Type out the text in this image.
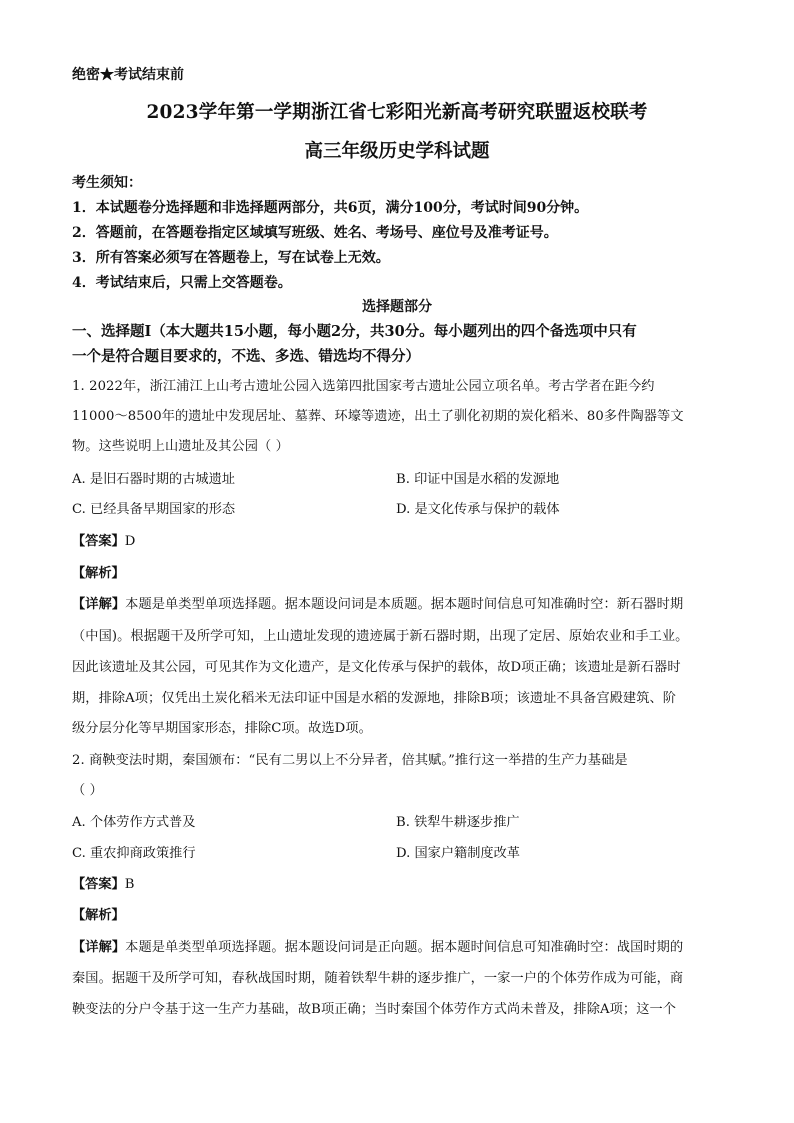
绝密★考试结束前
2023学年第一学期浙江省七彩阳光新高考研究联盟返校联考
高三年级历史学科试题
考生须知：
1．本试题卷分选择题和非选择题两部分，共6页，满分100分，考试时间90分钟。
2．答题前，在答题卷指定区域填写班级、姓名、考场号、座位号及准考证号。
3．所有答案必须写在答题卷上，写在试卷上无效。
4．考试结束后，只需上交答题卷。
选择题部分
一、选择题Ⅰ（本大题共15小题，每小题2分，共30分。每小题列出的四个备选项中只有
一个是符合题目要求的，不选、多选、错选均不得分）
1. 2022年，浙江浦江上山考古遗址公园入选第四批国家考古遗址公园立项名单。考古学者在距今约
11000～8500年的遗址中发现居址、墓葬、环壕等遗迹，出土了驯化初期的炭化稻米、80多件陶器等文
物。这些说明上山遗址及其公园（ ）
A. 是旧石器时期的古城遗址	B. 印证中国是水稻的发源地
C. 已经具备早期国家的形态	D. 是文化传承与保护的载体
【答案】D
【解析】
【详解】本题是单类型单项选择题。据本题设问词是本质题。据本题时间信息可知准确时空：新石器时期
（中国)。根据题干及所学可知，上山遗址发现的遗迹属于新石器时期，出现了定居、原始农业和手工业。
因此该遗址及其公园，可见其作为文化遗产，是文化传承与保护的载体，故D项正确；该遗址是新石器时
期，排除A项；仅凭出土炭化稻米无法印证中国是水稻的发源地，排除B项；该遗址不具备宫殿建筑、阶
级分层分化等早期国家形态，排除C项。故选D项。
2. 商鞅变法时期，秦国颁布：“民有二男以上不分异者，倍其赋。”推行这一举措的生产力基础是
（ ）
A. 个体劳作方式普及	B. 铁犁牛耕逐步推广
C. 重农抑商政策推行	D. 国家户籍制度改革
【答案】B
【解析】
【详解】本题是单类型单项选择题。据本题设问词是正向题。据本题时间信息可知准确时空：战国时期的
秦国。据题干及所学可知，春秋战国时期，随着铁犁牛耕的逐步推广，一家一户的个体劳作成为可能，商
鞅变法的分户令基于这一生产力基础，故B项正确；当时秦国个体劳作方式尚未普及，排除A项；这一个
